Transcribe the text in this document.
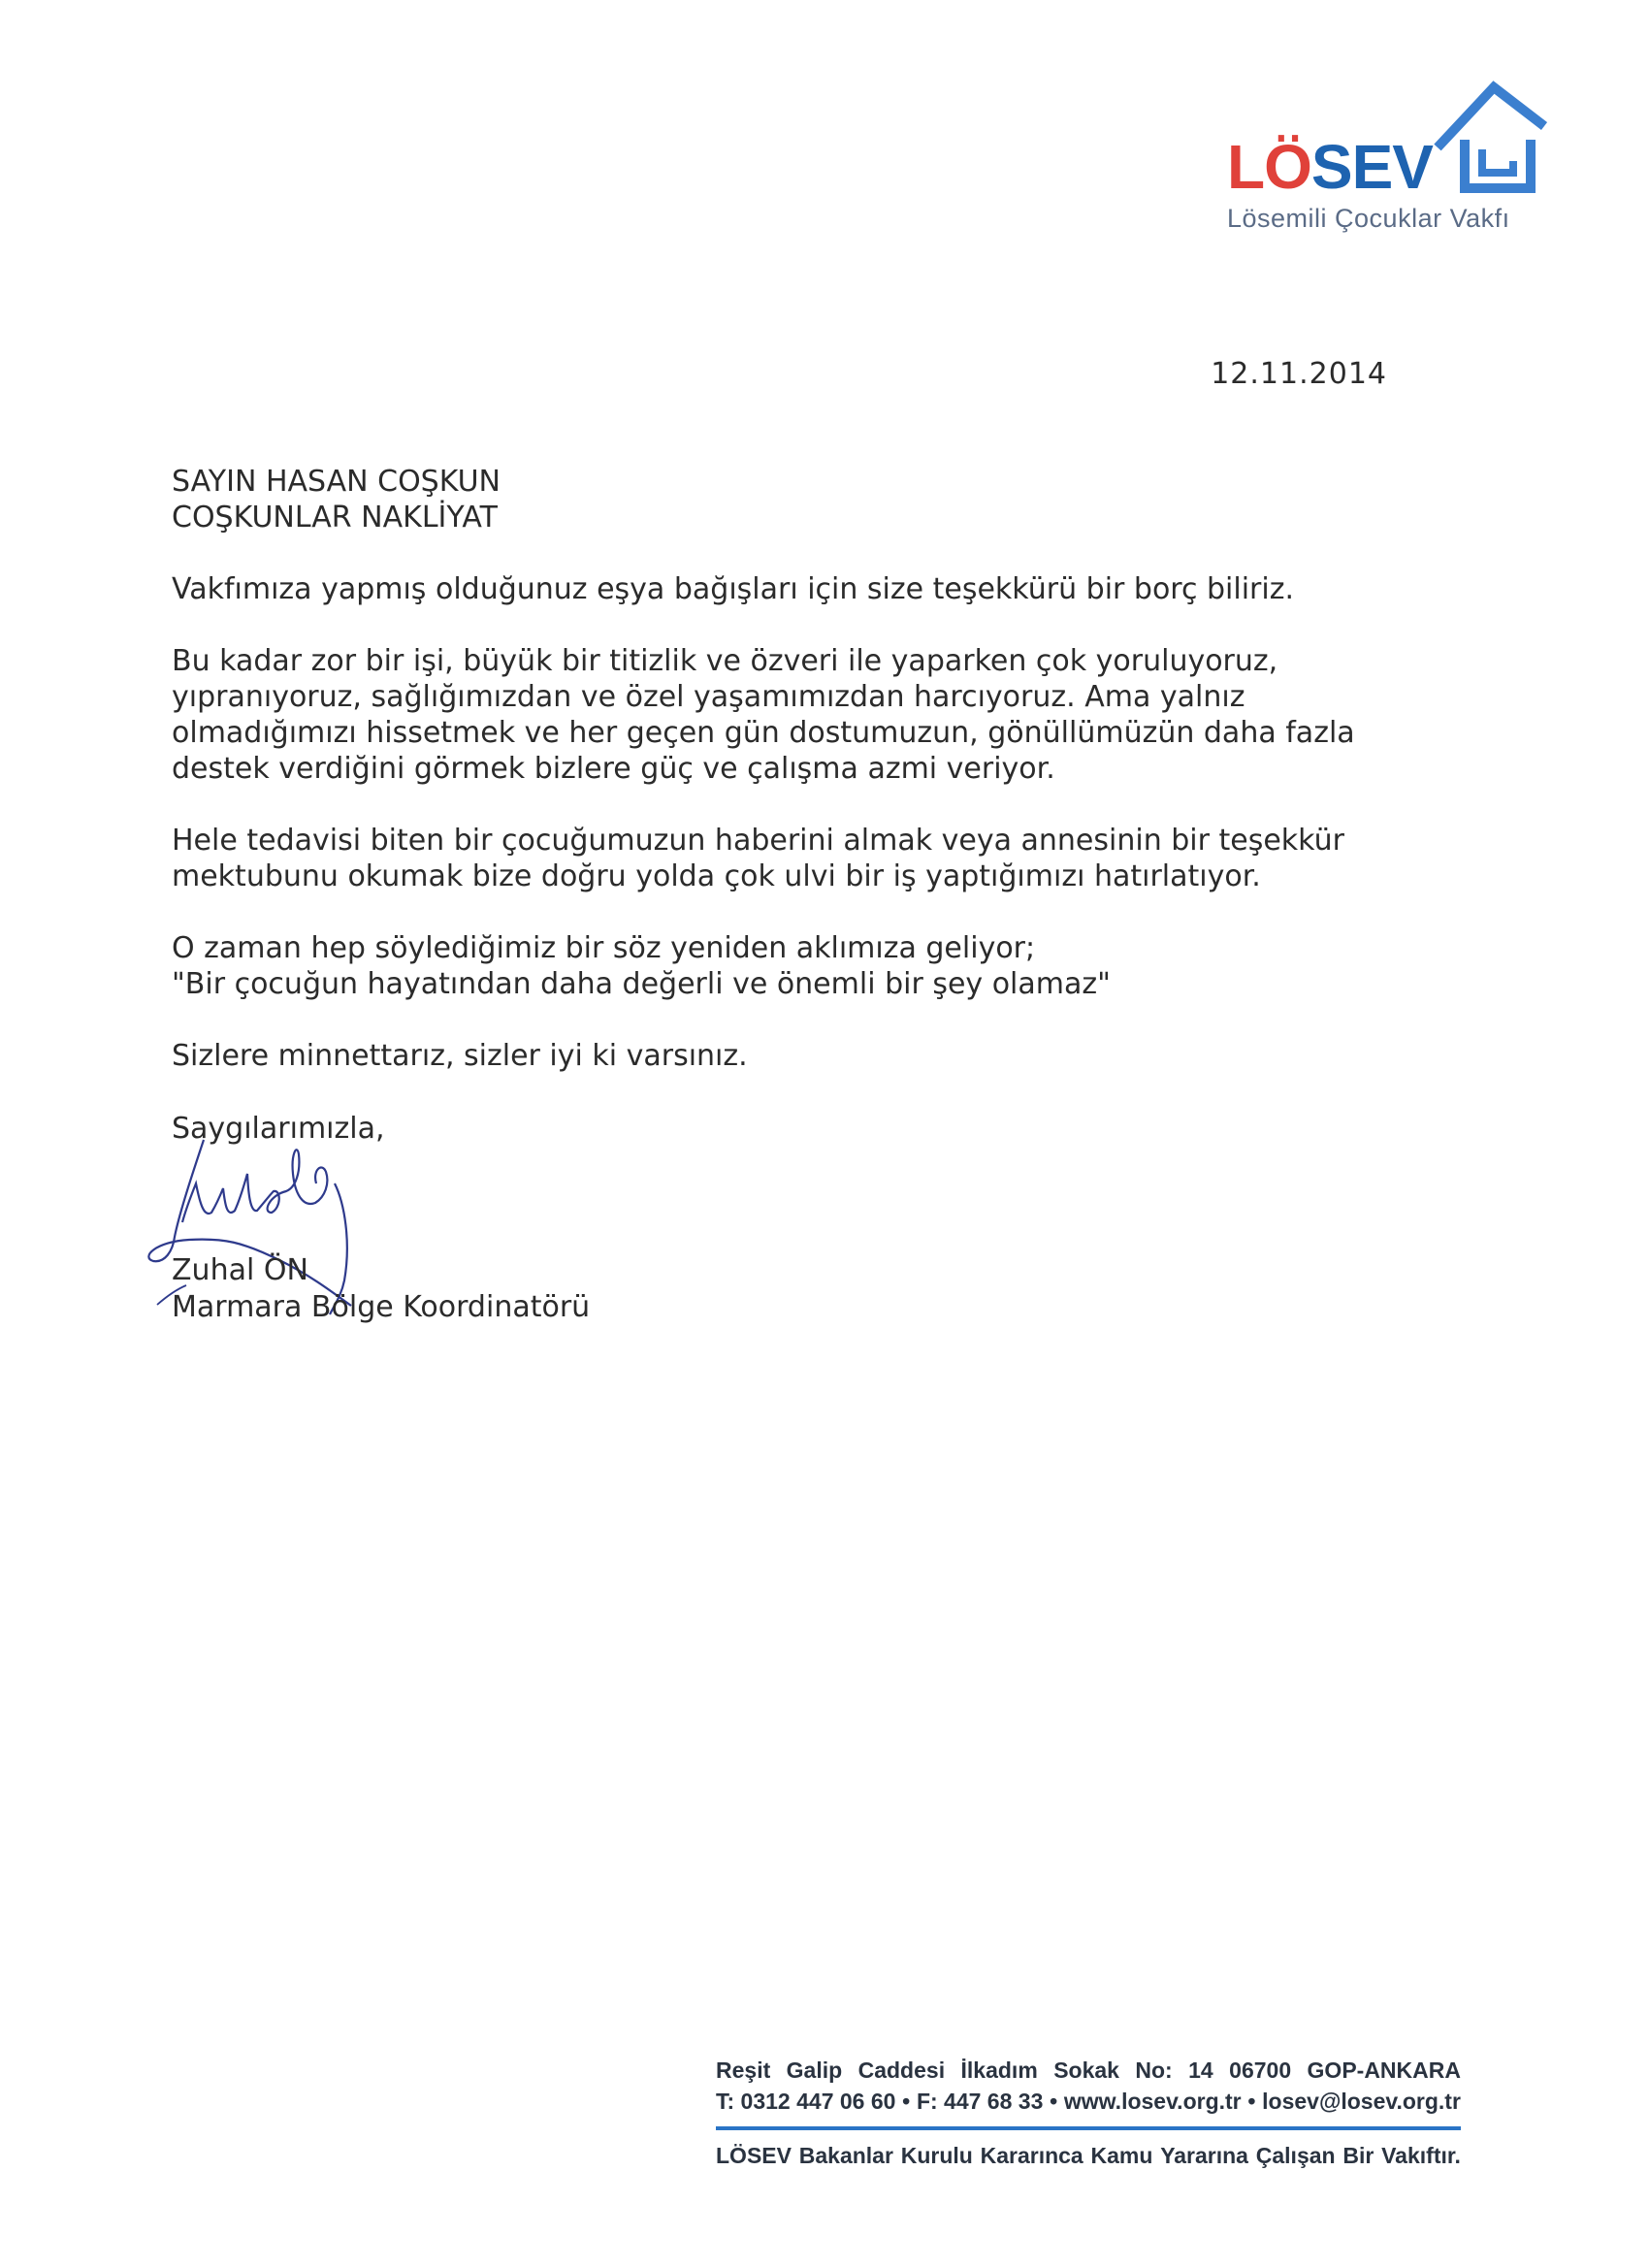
LÖSEV
Lösemili Çocuklar Vakfı
12.11.2014
SAYIN HASAN COŞKUN
COŞKUNLAR NAKLİYAT

Vakfımıza yapmış olduğunuz eşya bağışları için size teşekkürü bir borç biliriz.

Bu kadar zor bir işi, büyük bir titizlik ve özveri ile yaparken çok yoruluyoruz,
yıpranıyoruz, sağlığımızdan ve özel yaşamımızdan harcıyoruz. Ama yalnız
olmadığımızı hissetmek ve her geçen gün dostumuzun, gönüllümüzün daha fazla
destek verdiğini görmek bizlere güç ve çalışma azmi veriyor.

Hele tedavisi biten bir çocuğumuzun haberini almak veya annesinin bir teşekkür
mektubunu okumak bize doğru yolda çok ulvi bir iş yaptığımızı hatırlatıyor.

O zaman hep söylediğimiz bir söz yeniden aklımıza geliyor;
"Bir çocuğun hayatından daha değerli ve önemli bir şey olamaz"

Sizlere minnettarız, sizler iyi ki varsınız.

Saygılarımızla,
Zuhal ÖN
Marmara Bölge Koordinatörü
Reşit Galip Caddesi İlkadım Sokak No: 14 06700 GOP-ANKARA
T: 0312 447 06 60 • F: 447 68 33 • www.losev.org.tr • losev@losev.org.tr
LÖSEV Bakanlar Kurulu Kararınca Kamu Yararına Çalışan Bir Vakıftır.
